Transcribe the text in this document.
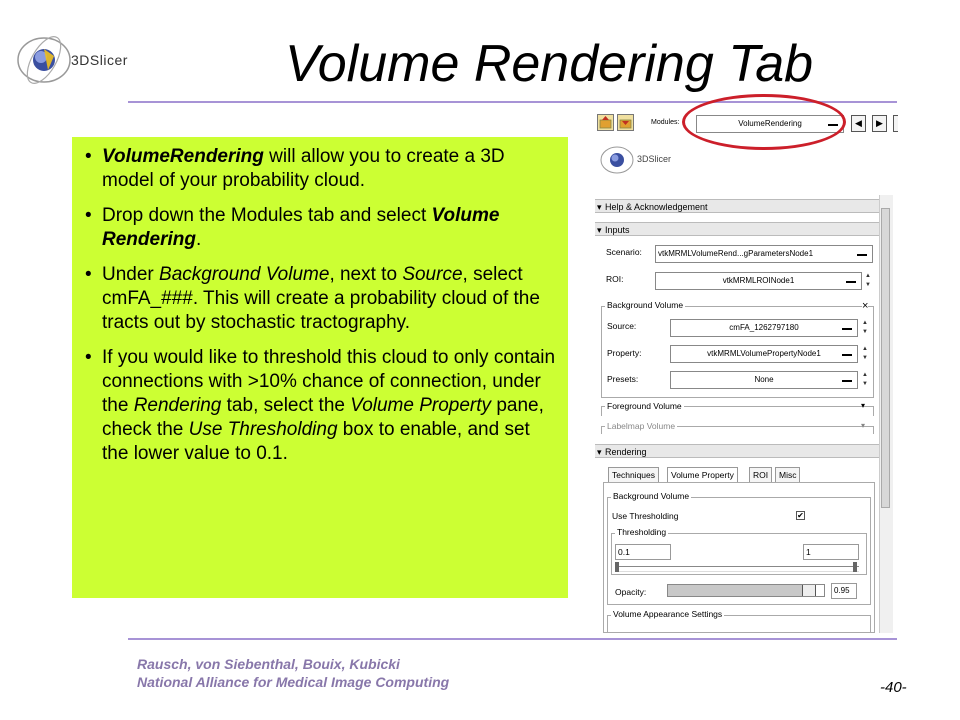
3DSlicer	Volume Rendering Tab
• VolumeRendering will allow you to create a 3D model of your probability cloud.
• Drop down the Modules tab and select Volume Rendering.
• Under Background Volume, next to Source, select cmFA_###. This will create a probability cloud of the tracts out by stochastic tractography.
• If you would like to threshold this cloud to only contain connections with >10% chance of connection, under the Rendering tab, select the Volume Property pane, check the Use Thresholding box to enable, and set the lower value to 0.1.
Modules:	VolumeRendering	◀	▶
3DSlicer
▾ Help & Acknowledgement
▾ Inputs
Scenario:	vtkMRMLVolumeRend...gParametersNode1
ROI:	vtkMRMLROINode1	▲
▼
Background Volume	×
Source:	cmFA_1262797180	▲
▼
Property:	vtkMRMLVolumePropertyNode1	▲
▼
Presets:	None	▲
▼
Foreground Volume	▾
Labelmap Volume	▾
▾ Rendering
Techniques	Volume Property	ROI	Misc
Background Volume
Use Thresholding	✔
Thresholding
0.1	1
Opacity:	0.95
Volume Appearance Settings
Rausch, von Siebenthal, Bouix, Kubicki
National Alliance for Medical Image Computing	-40-
